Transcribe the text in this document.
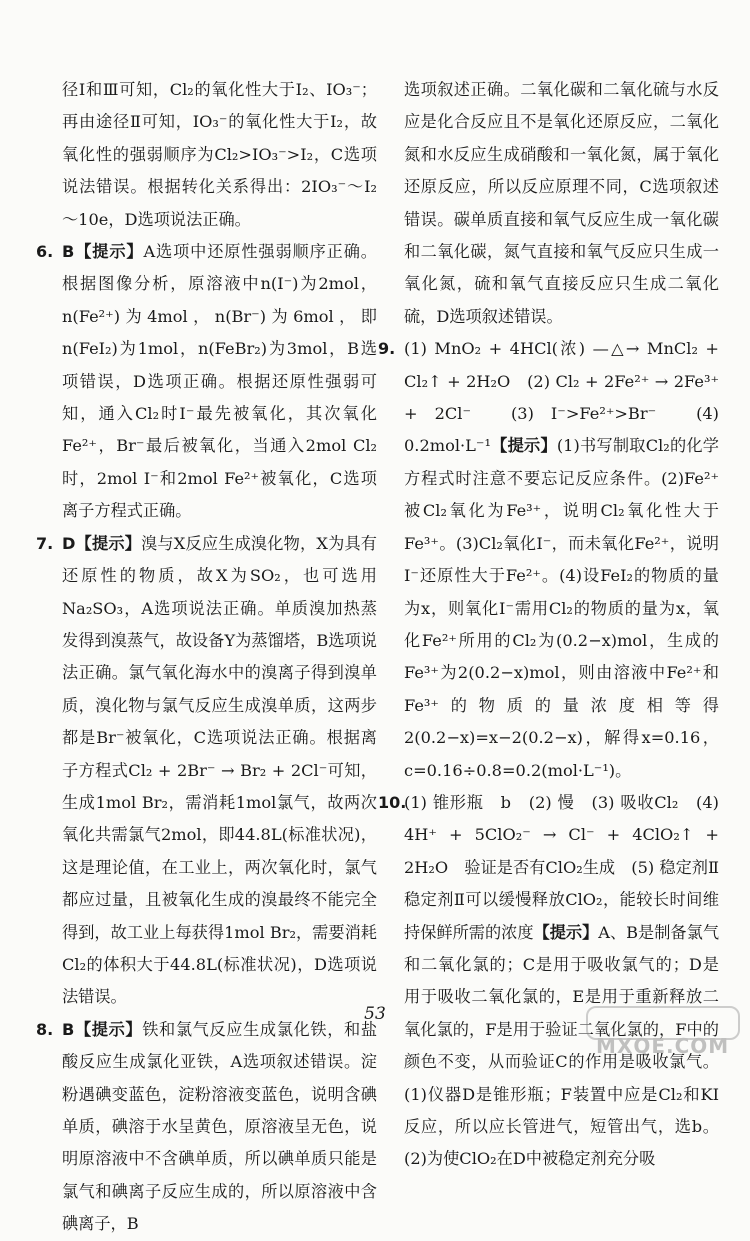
径Ⅰ和Ⅲ可知，Cl₂的氧化性大于I₂、IO₃⁻；再由途径Ⅱ可知，IO₃⁻的氧化性大于I₂，故氧化性的强弱顺序为Cl₂>IO₃⁻>I₂，C选项说法错误。根据转化关系得出：2IO₃⁻～I₂～10e，D选项说法正确。

6. B【提示】A选项中还原性强弱顺序正确。根据图像分析，原溶液中n(I⁻)为2mol，n(Fe²⁺)为4mol，n(Br⁻)为6mol，即n(FeI₂)为1mol，n(FeBr₂)为3mol，B选项错误，D选项正确。根据还原性强弱可知，通入Cl₂时I⁻最先被氧化，其次氧化Fe²⁺，Br⁻最后被氧化，当通入2mol Cl₂时，2mol I⁻和2mol Fe²⁺被氧化，C选项离子方程式正确。
7. D【提示】溴与X反应生成溴化物，X为具有还原性的物质，故X为SO₂，也可选用Na₂SO₃，A选项说法正确。单质溴加热蒸发得到溴蒸气，故设备Y为蒸馏塔，B选项说法正确。氯气氧化海水中的溴离子得到溴单质，溴化物与氯气反应生成溴单质，这两步都是Br⁻被氧化，C选项说法正确。根据离子方程式Cl₂ + 2Br⁻ → Br₂ + 2Cl⁻可知，生成1mol Br₂，需消耗1mol氯气，故两次氧化共需氯气2mol，即44.8L(标准状况)，这是理论值，在工业上，两次氧化时，氯气都应过量，且被氧化生成的溴最终不能完全得到，故工业上每获得1mol Br₂，需要消耗Cl₂的体积大于44.8L(标准状况)，D选项说法错误。
8. B【提示】铁和氯气反应生成氯化铁，和盐酸反应生成氯化亚铁，A选项叙述错误。淀粉遇碘变蓝色，淀粉溶液变蓝色，说明含碘单质，碘溶于水呈黄色，原溶液呈无色，说明原溶液中不含碘单质，所以碘单质只能是氯气和碘离子反应生成的，所以原溶液中含碘离子，B

选项叙述正确。二氧化碳和二氧化硫与水反应是化合反应且不是氧化还原反应，二氧化氮和水反应生成硝酸和一氧化氮，属于氧化还原反应，所以反应原理不同，C选项叙述错误。碳单质直接和氧气反应生成一氧化碳和二氧化碳，氮气直接和氧气反应只生成一氧化氮，硫和氧气直接反应只生成二氧化硫，D选项叙述错误。

9. (1) MnO₂ + 4HCl(浓) —△→ MnCl₂ + Cl₂↑ + 2H₂O　(2) Cl₂ + 2Fe²⁺ → 2Fe³⁺ + 2Cl⁻　(3) I⁻>Fe²⁺>Br⁻　(4) 0.2mol·L⁻¹【提示】(1)书写制取Cl₂的化学方程式时注意不要忘记反应条件。(2)Fe²⁺被Cl₂氧化为Fe³⁺，说明Cl₂氧化性大于Fe³⁺。(3)Cl₂氧化I⁻，而未氧化Fe²⁺，说明I⁻还原性大于Fe²⁺。(4)设FeI₂的物质的量为x，则氧化I⁻需用Cl₂的物质的量为x，氧化Fe²⁺所用的Cl₂为(0.2−x)mol，生成的Fe³⁺为2(0.2−x)mol，则由溶液中Fe²⁺和Fe³⁺的物质的量浓度相等得2(0.2−x)=x−2(0.2−x)，解得x=0.16，c=0.16÷0.8=0.2(mol·L⁻¹)。
10.
(1) 锥形瓶　b　(2) 慢　(3) 吸收Cl₂　(4) 4H⁺ + 5ClO₂⁻ → Cl⁻ + 4ClO₂↑ + 2H₂O　验证是否有ClO₂生成　(5) 稳定剂Ⅱ　稳定剂Ⅱ可以缓慢释放ClO₂，能较长时间维持保鲜所需的浓度【提示】A、B是制备氯气和二氧化氯的；C是用于吸收氯气的；D是用于吸收二氧化氯的，E是用于重新释放二氧化氯的，F是用于验证二氧化氯的，F中的颜色不变，从而验证C的作用是吸收氯气。(1)仪器D是锥形瓶；F装置中应是Cl₂和KI反应，所以应长管进气，短管出气，选b。(2)为使ClO₂在D中被稳定剂充分吸
53
MXQE.COM
